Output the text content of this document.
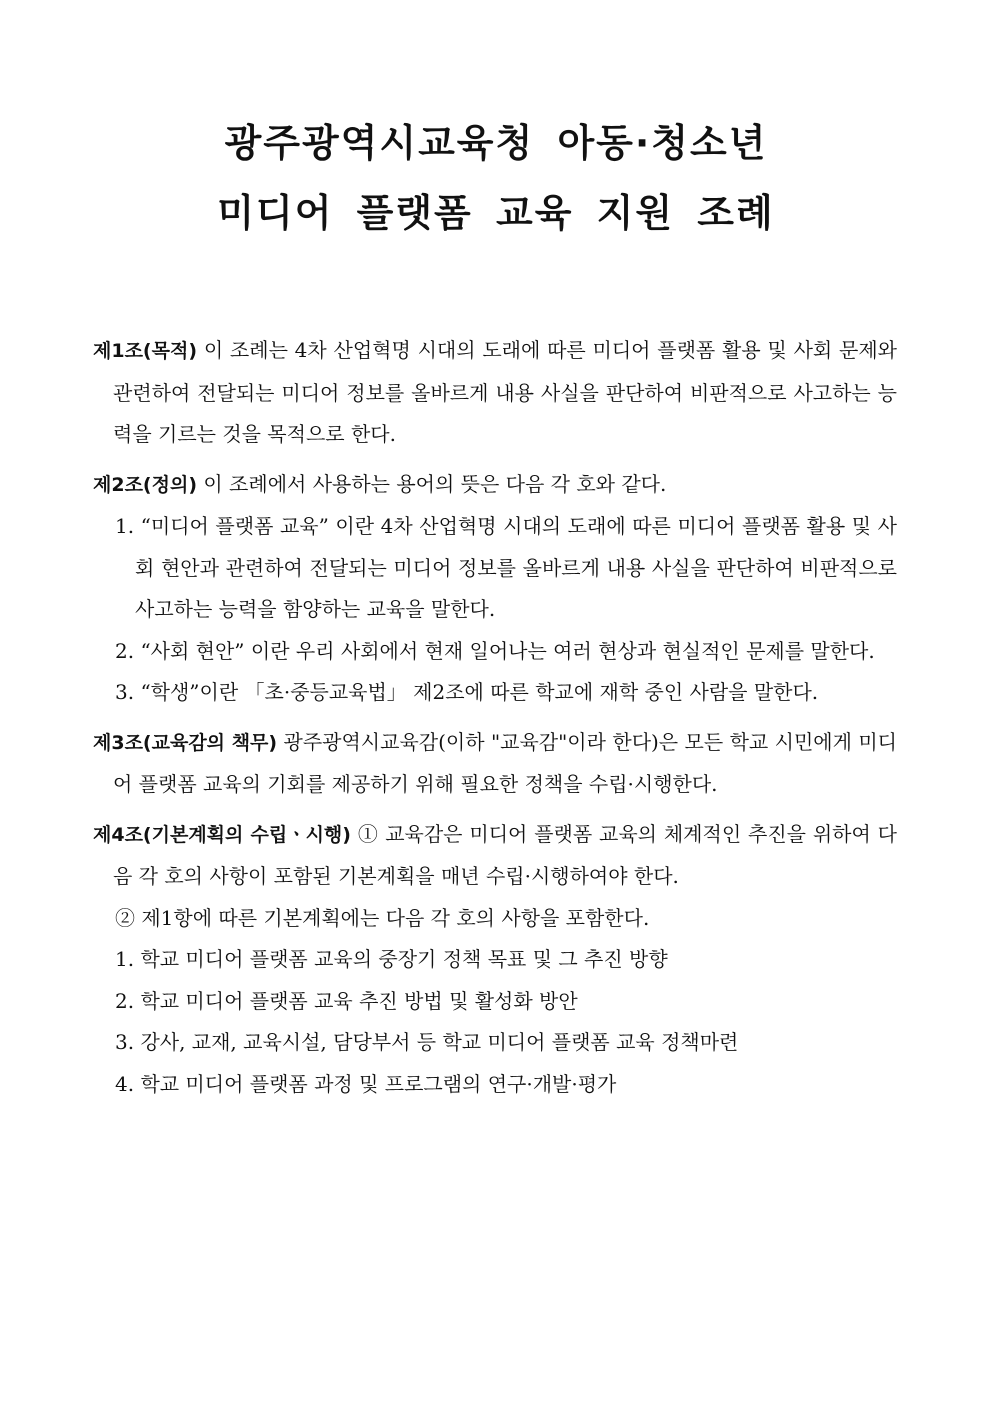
광주광역시교육청 아동·청소년
미디어 플랫폼 교육 지원 조례

제1조(목적) 이 조례는 4차 산업혁명 시대의 도래에 따른 미디어 플랫폼 활용 및 사회 문제와 관련하여 전달되는 미디어 정보를 올바르게 내용 사실을 판단하여 비판적으로 사고하는 능력을 기르는 것을 목적으로 한다.

제2조(정의) 이 조례에서 사용하는 용어의 뜻은 다음 각 호와 같다.

1. “미디어 플랫폼 교육” 이란 4차 산업혁명 시대의 도래에 따른 미디어 플랫폼 활용 및 사회 현안과 관련하여 전달되는 미디어 정보를 올바르게 내용 사실을 판단하여 비판적으로 사고하는 능력을 함양하는 교육을 말한다.

2. “사회 현안” 이란 우리 사회에서 현재 일어나는 여러 현상과 현실적인 문제를 말한다.

3. “학생”이란 「초·중등교육법」 제2조에 따른 학교에 재학 중인 사람을 말한다.

제3조(교육감의 책무) 광주광역시교육감(이하 "교육감"이라 한다)은 모든 학교 시민에게 미디어 플랫폼 교육의 기회를 제공하기 위해 필요한 정책을 수립·시행한다.

제4조(기본계획의 수립ㆍ시행) ① 교육감은 미디어 플랫폼 교육의 체계적인 추진을 위하여 다음 각 호의 사항이 포함된 기본계획을 매년 수립·시행하여야 한다.

② 제1항에 따른 기본계획에는 다음 각 호의 사항을 포함한다.

1. 학교 미디어 플랫폼 교육의 중장기 정책 목표 및 그 추진 방향

2. 학교 미디어 플랫폼 교육 추진 방법 및 활성화 방안

3. 강사, 교재, 교육시설, 담당부서 등 학교 미디어 플랫폼 교육 정책마련

4. 학교 미디어 플랫폼 과정 및 프로그램의 연구·개발·평가
